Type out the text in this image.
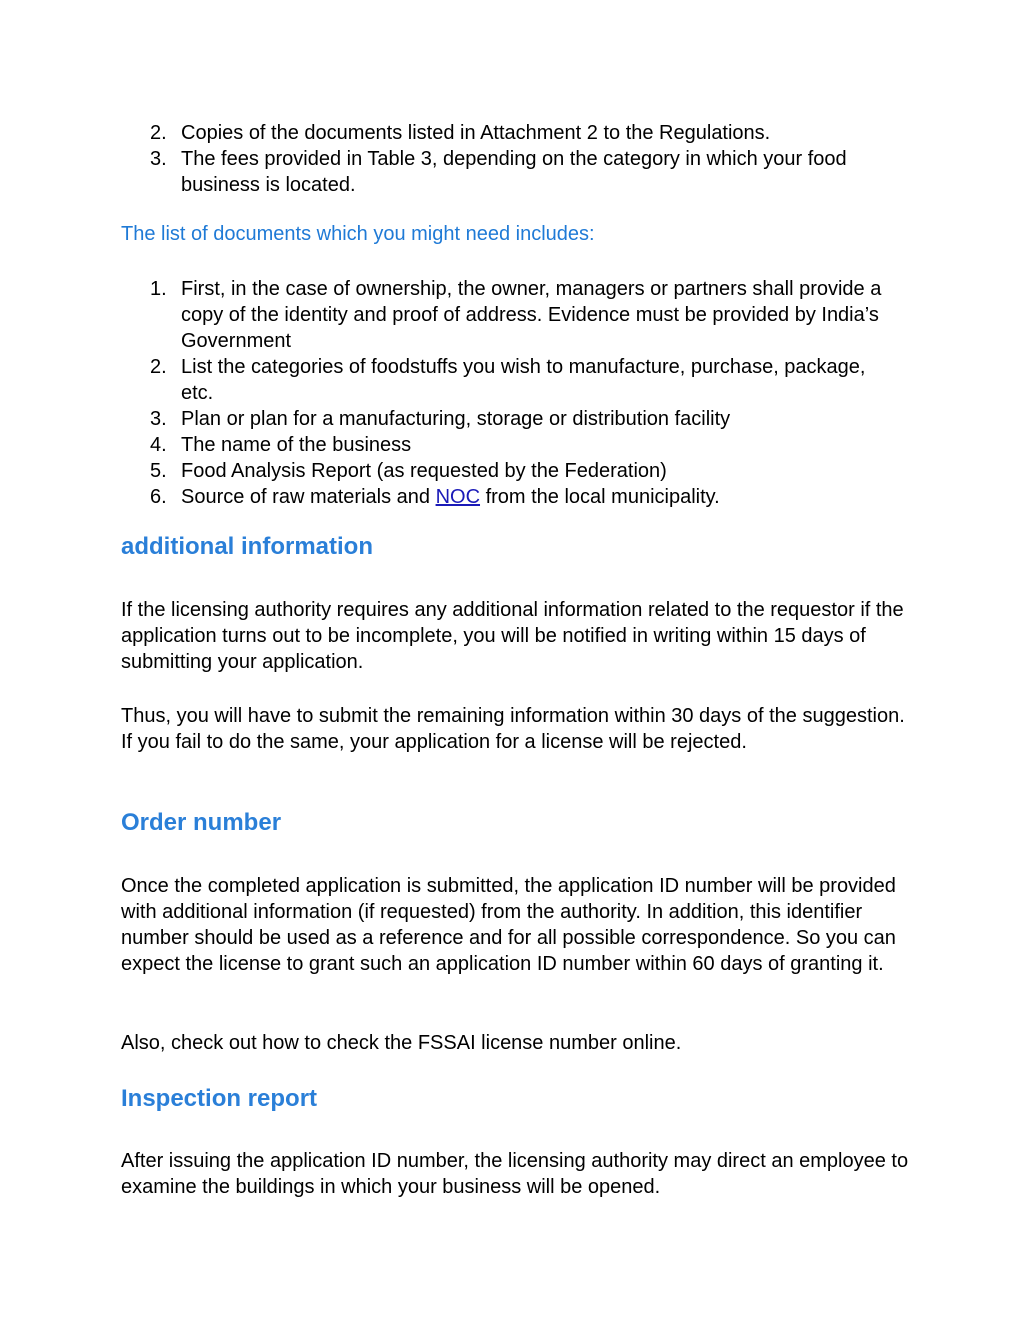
2. Copies of the documents listed in Attachment 2 to the Regulations.
3. The fees provided in Table 3, depending on the category in which your food business is located.
The list of documents which you might need includes:
1. First, in the case of ownership, the owner, managers or partners shall provide a copy of the identity and proof of address. Evidence must be provided by India’s Government
2. List the categories of foodstuffs you wish to manufacture, purchase, package, etc.
3. Plan or plan for a manufacturing, storage or distribution facility
4. The name of the business
5. Food Analysis Report (as requested by the Federation)
6. Source of raw materials and NOC from the local municipality.
additional information
If the licensing authority requires any additional information related to the requestor if the application turns out to be incomplete, you will be notified in writing within 15 days of submitting your application.
Thus, you will have to submit the remaining information within 30 days of the suggestion. If you fail to do the same, your application for a license will be rejected.
Order number
Once the completed application is submitted, the application ID number will be provided with additional information (if requested) from the authority. In addition, this identifier number should be used as a reference and for all possible correspondence. So you can expect the license to grant such an application ID number within 60 days of granting it.
Also, check out how to check the FSSAI license number online.
Inspection report
After issuing the application ID number, the licensing authority may direct an employee to examine the buildings in which your business will be opened.
